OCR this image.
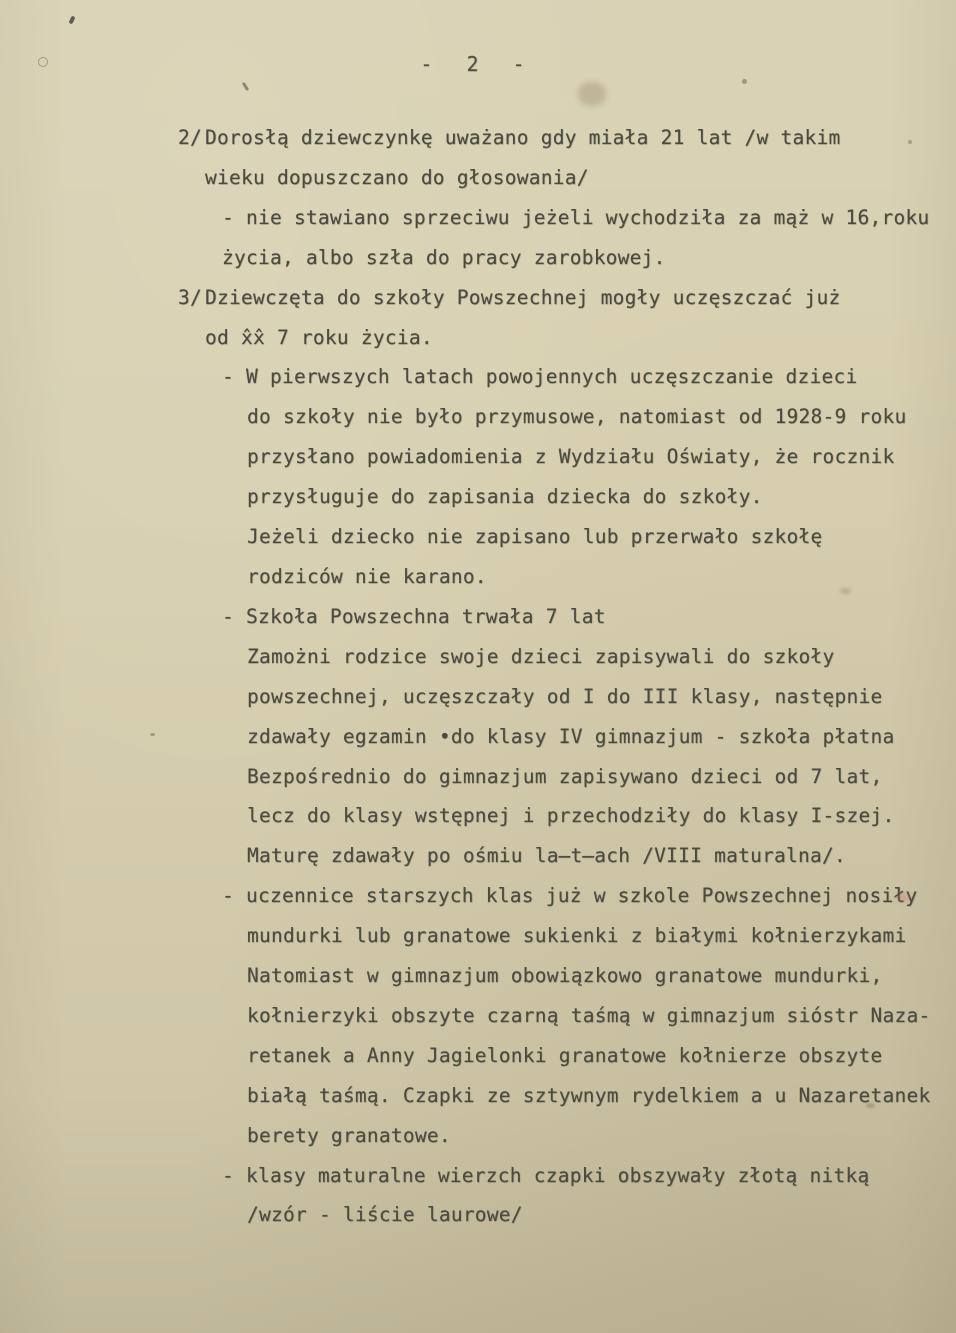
- 2 -
2/ Dorosłą dziewczynkę uważano gdy miała 21 lat /w takim
wieku dopuszczano do głosowania/
- nie stawiano sprzeciwu jeżeli wychodziła za mąż w 16,roku
życia, albo szła do pracy zarobkowej.
3/ Dziewczęta do szkoły Powszechnej mogły uczęszczać już
od x̂x̂ 7 roku życia.
- W pierwszych latach powojennych uczęszczanie dzieci
do szkoły nie było przymusowe, natomiast od 1928-9 roku
przysłano powiadomienia z Wydziału Oświaty, że rocznik
przysługuje do zapisania dziecka do szkoły.
Jeżeli dziecko nie zapisano lub przerwało szkołę
rodziców nie karano.
- Szkoła Powszechna trwała 7 lat
Zamożni rodzice swoje dzieci zapisywali do szkoły
powszechnej, uczęszczały od I do III klasy, następnie
zdawały egzamin •do klasy IV gimnazjum - szkoła płatna
Bezpośrednio do gimnazjum zapisywano dzieci od 7 lat,
lecz do klasy wstępnej i przechodziły do klasy I-szej.
Maturę zdawały po ośmiu la̶t̶ach /VIII maturalna/.
- uczennice starszych klas już w szkole Powszechnej nosiły
mundurki lub granatowe sukienki z białymi kołnierzykami
Natomiast w gimnazjum obowiązkowo granatowe mundurki,
kołnierzyki obszyte czarną taśmą w gimnazjum sióstr Naza-
retanek a Anny Jagielonki granatowe kołnierze obszyte
białą taśmą. Czapki ze sztywnym rydelkiem a u Nazaretanek
berety granatowe.
- klasy maturalne wierzch czapki obszywały złotą nitką
/wzór - liście laurowe/
